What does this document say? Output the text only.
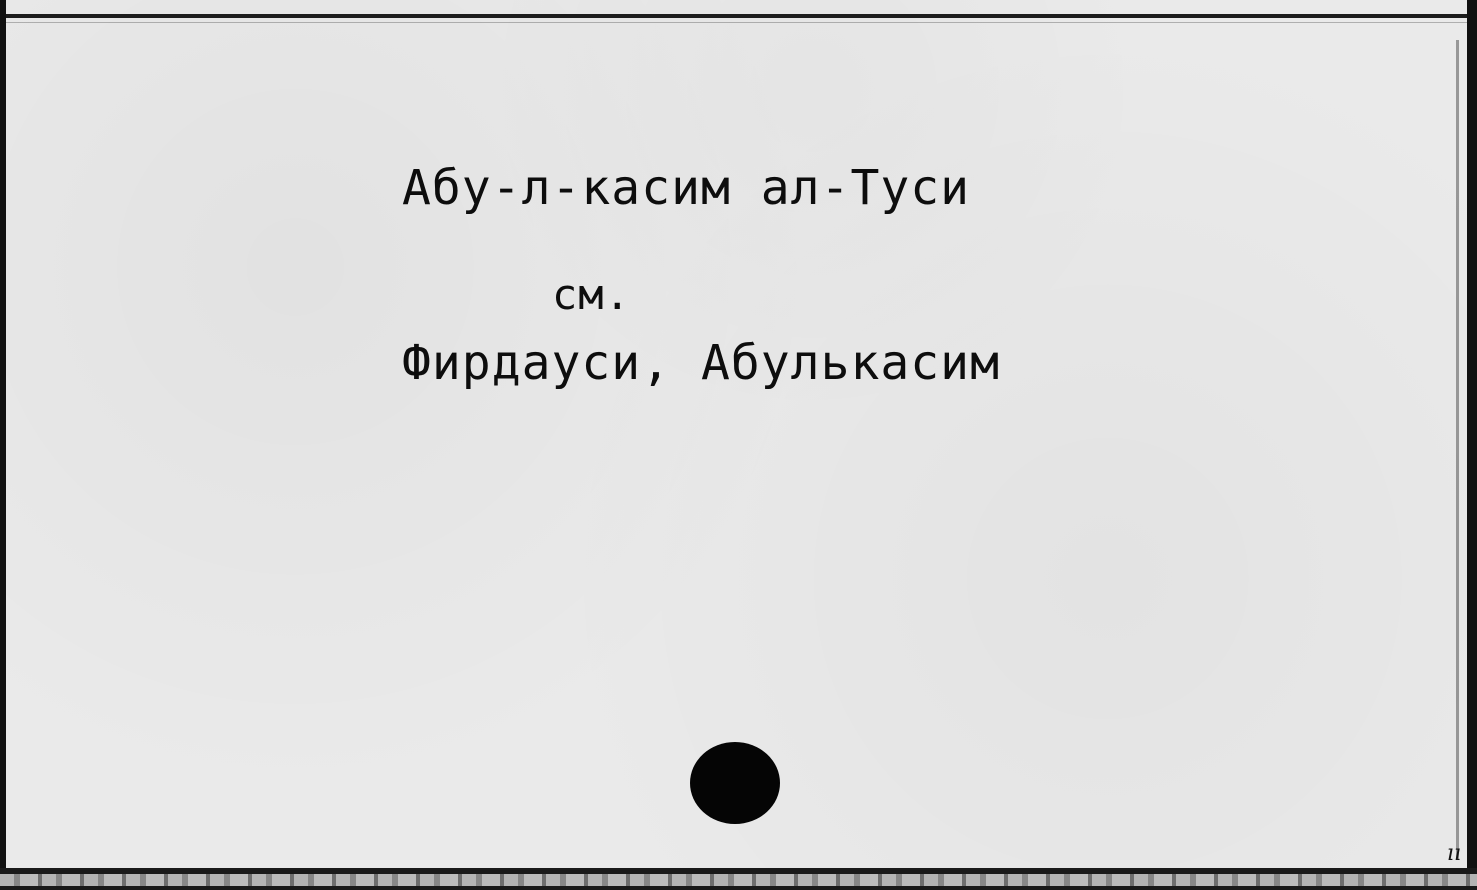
Абу-л-касим ал-Туси
см.
Фирдауси, Абулькасим
ıı
